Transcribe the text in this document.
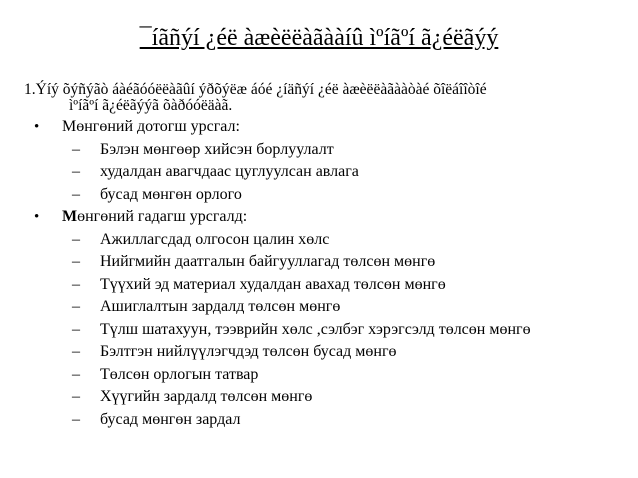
¯íãñýí ¿éë àæèëëàãààíû ìºíãºí ã¿éëãýý
1.Ýíý õýñýãò áàéãóóëëàãûí ýðõýëæ áóé ¿íäñýí ¿éë àæèëëàãààòàé õîëáîîòîé
ìºíãºí ã¿éëãýýã õàðóóëäàã.
• Мөнгөний дотогш урсгал:
– Бэлэн мөнгөөр хийсэн борлуулалт
– худалдан авагчдаас цуглуулсан авлага
– бусад мөнгөн орлого
• Мөнгөний гадагш урсгалд:
– Ажиллагсдад олгосон цалин хөлс
– Нийгмийн даатгалын байгууллагад төлсөн мөнгө
– Түүхий эд материал худалдан авахад төлсөн мөнгө
– Ашиглалтын зардалд төлсөн мөнгө
– Түлш шатахуун, тээврийн хөлс ,сэлбэг хэрэгсэлд төлсөн мөнгө
– Бэлтгэн нийлүүлэгчдэд төлсөн бусад мөнгө
– Төлсөн орлогын татвар
– Хүүгийн зардалд төлсөн мөнгө
– бусад мөнгөн зардал
